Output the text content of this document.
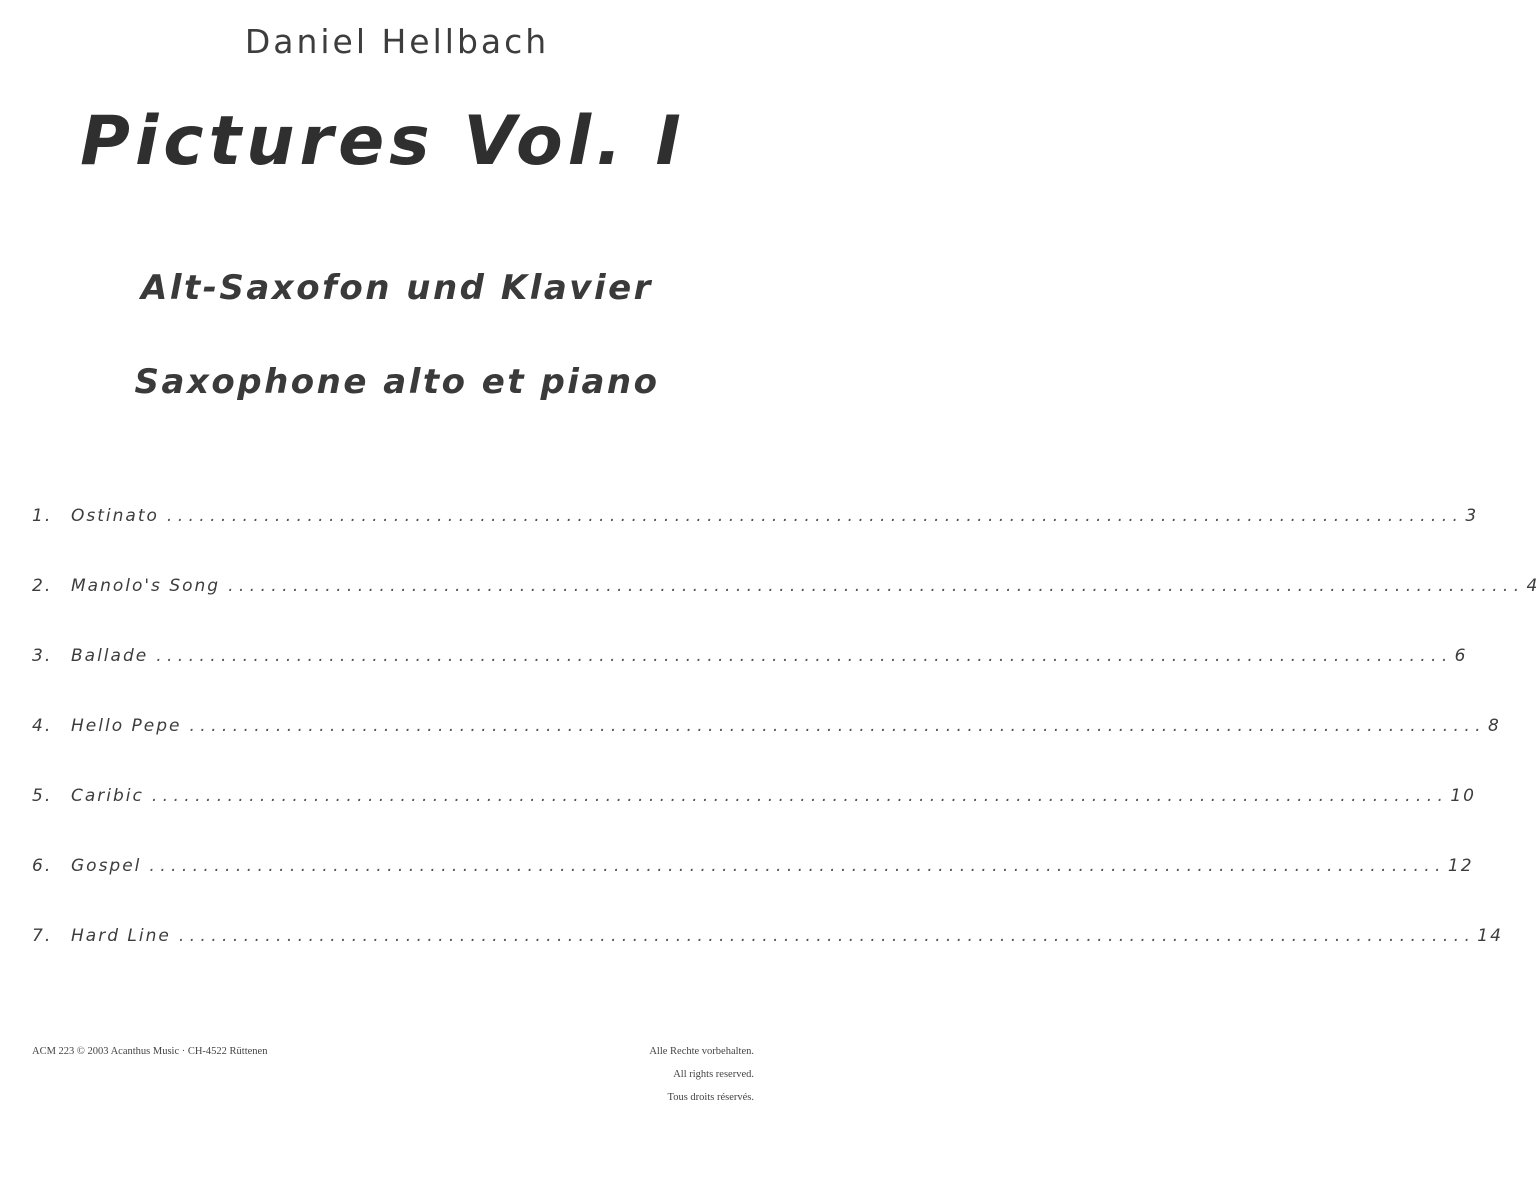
Daniel Hellbach
Pictures Vol. I
Alt-Saxofon und Klavier
Saxophone alto et piano
1.	Ostinato ........................................................................................................................ 3
2.	Manolo's Song ........................................................................................................................ 4
3.	Ballade ........................................................................................................................ 6
4.	Hello Pepe ........................................................................................................................ 8
5.	Caribic ........................................................................................................................ 10
6.	Gospel ........................................................................................................................ 12
7.	Hard Line ........................................................................................................................ 14
ACM 223 © 2003 Acanthus Music · CH-4522 Rüttenen	Alle Rechte vorbehalten.
All rights reserved.
Tous droits réservés.
